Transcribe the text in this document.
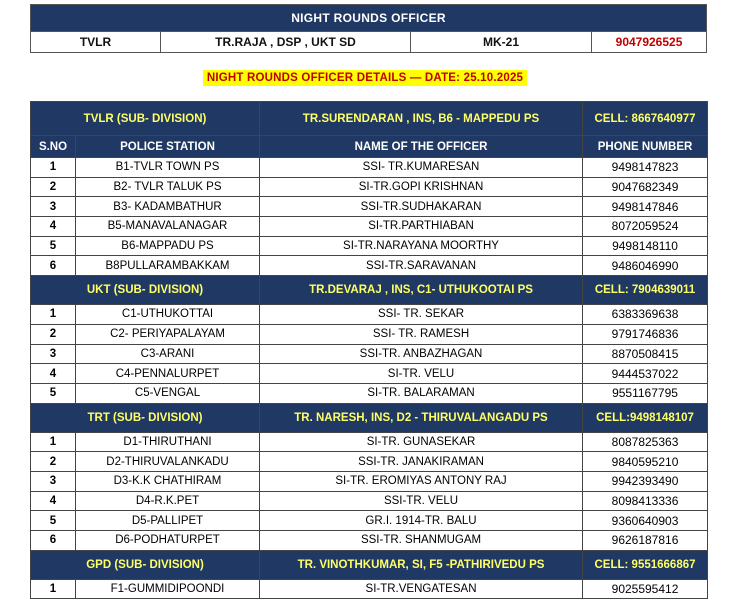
NIGHT ROUNDS OFFICER
TVLR	TR.RAJA , DSP , UKT SD	MK-21	9047926525
NIGHT ROUNDS OFFICER DETAILS — DATE: 25.10.2025
TVLR (SUB- DIVISION)		TR.SURENDARAN , INS, B6 - MAPPEDU PS	CELL: 8667640977
S.NO	POLICE STATION	NAME OF THE OFFICER	PHONE NUMBER
1	B1-TVLR TOWN PS	SSI- TR.KUMARESAN	9498147823
2	B2- TVLR TALUK PS	SI-TR.GOPI KRISHNAN	9047682349
3	B3- KADAMBATHUR	SSI-TR.SUDHAKARAN	9498147846
4	B5-MANAVALANAGAR	SI-TR.PARTHIABAN	8072059524
5	B6-MAPPADU PS	SI-TR.NARAYANA MOORTHY	9498148110
6	B8PULLARAMBAKKAM	SSI-TR.SARAVANAN	9486046990
UKT (SUB- DIVISION)		TR.DEVARAJ , INS, C1- UTHUKOOTAI PS	CELL: 7904639011
1	C1-UTHUKOTTAI	SSI- TR. SEKAR	6383369638
2	C2- PERIYAPALAYAM	SSI- TR. RAMESH	9791746836
3	C3-ARANI	SSI-TR. ANBAZHAGAN	8870508415
4	C4-PENNALURPET	SI-TR. VELU	9444537022
5	C5-VENGAL	SI-TR. BALARAMAN	9551167795
TRT (SUB- DIVISION)		TR. NARESH, INS, D2 - THIRUVALANGADU PS	CELL:9498148107
1	D1-THIRUTHANI	SI-TR. GUNASEKAR	8087825363
2	D2-THIRUVALANKADU	SSI-TR. JANAKIRAMAN	9840595210
3	D3-K.K CHATHIRAM	SI-TR. EROMIYAS ANTONY RAJ	9942393490
4	D4-R.K.PET	SSI-TR. VELU	8098413336
5	D5-PALLIPET	GR.I. 1914-TR. BALU	9360640903
6	D6-PODHATURPET	SSI-TR. SHANMUGAM	9626187816
GPD (SUB- DIVISION)		TR. VINOTHKUMAR, SI, F5 -PATHIRIVEDU PS	CELL: 9551666867
1	F1-GUMMIDIPOONDI	SI-TR.VENGATESAN	9025595412
